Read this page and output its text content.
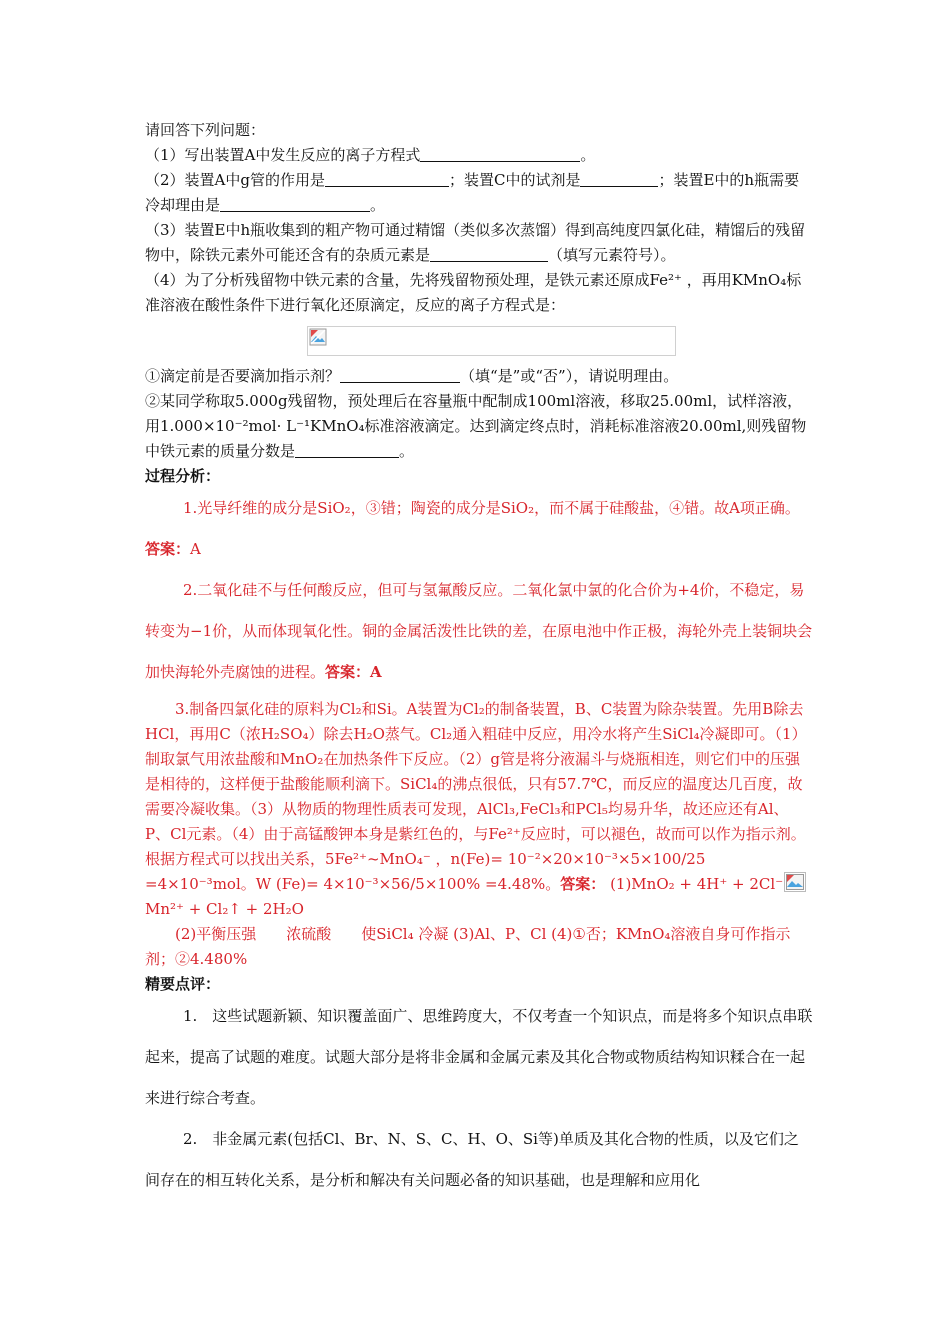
请回答下列问题：

（1）写出装置A中发生反应的离子方程式	。

（2）装置A中g管的作用是	；装置C中的试剂是	；装置E中的h瓶需要冷却理由是	。

（3）装置E中h瓶收集到的粗产物可通过精馏（类似多次蒸馏）得到高纯度四氯化硅，精馏后的残留物中，除铁元素外可能还含有的杂质元素是	（填写元素符号）。

（4）为了分析残留物中铁元素的含量，先将残留物预处理，是铁元素还原成Fe²⁺ ，再用KMnO₄标准溶液在酸性条件下进行氧化还原滴定，反应的离子方程式是：

①滴定前是否要滴加指示剂？	（填“是”或“否”），请说明理由。

②某同学称取5.000g残留物，预处理后在容量瓶中配制成100ml溶液，移取25.00ml，试样溶液，用1.000×10⁻²mol· L⁻¹KMnO₄标准溶液滴定。达到滴定终点时，消耗标准溶液20.00ml,则残留物中铁元素的质量分数是	。

过程分析：

1.光导纤维的成分是SiO₂，③错；陶瓷的成分是SiO₂，而不属于硅酸盐，④错。故A项正确。答案：A

2.二氧化硅不与任何酸反应，但可与氢氟酸反应。二氧化氯中氯的化合价为+4价，不稳定，易转变为−1价，从而体现氧化性。铜的金属活泼性比铁的差，在原电池中作正极，海轮外壳上装铜块会加快海轮外壳腐蚀的进程。答案：A

3.制备四氯化硅的原料为Cl₂和Si。A装置为Cl₂的制备装置，B、C装置为除杂装置。先用B除去HCl，再用C（浓H₂SO₄）除去H₂O蒸气。Cl₂通入粗硅中反应，用冷水将产生SiCl₄冷凝即可。（1）制取氯气用浓盐酸和MnO₂在加热条件下反应。（2）g管是将分液漏斗与烧瓶相连，则它们中的压强是相待的，这样便于盐酸能顺利滴下。SiCl₄的沸点很低，只有57.7℃，而反应的温度达几百度，故需要冷凝收集。（3）从物质的物理性质表可发现，AlCl₃,FeCl₃和PCl₅均易升华，故还应还有Al、P、Cl元素。（4）由于高锰酸钾本身是紫红色的，与Fe²⁺反应时，可以褪色，故而可以作为指示剂。根据方程式可以找出关系，5Fe²⁺~MnO₄⁻ ，n(Fe)= 10⁻²×20×10⁻³×5×100/25 =4×10⁻³mol。W (Fe)= 4×10⁻³×56/5×100% =4.48%。答案： (1)MnO₂ + 4H⁺ + 2Cl⁻
Mn²⁺ + Cl₂↑ + 2H₂O

(2)平衡压强　　浓硫酸　　使SiCl₄ 冷凝 (3)Al、P、Cl (4)①否；KMnO₄溶液自身可作指示剂；②4.480%

精要点评：

1.　这些试题新颖、知识覆盖面广、思维跨度大，不仅考查一个知识点，而是将多个知识点串联起来，提高了试题的难度。试题大部分是将非金属和金属元素及其化合物或物质结构知识糅合在一起来进行综合考查。

2.　非金属元素(包括Cl、Br、N、S、C、H、O、Si等)单质及其化合物的性质，以及它们之间存在的相互转化关系，是分析和解决有关问题必备的知识基础，也是理解和应用化
